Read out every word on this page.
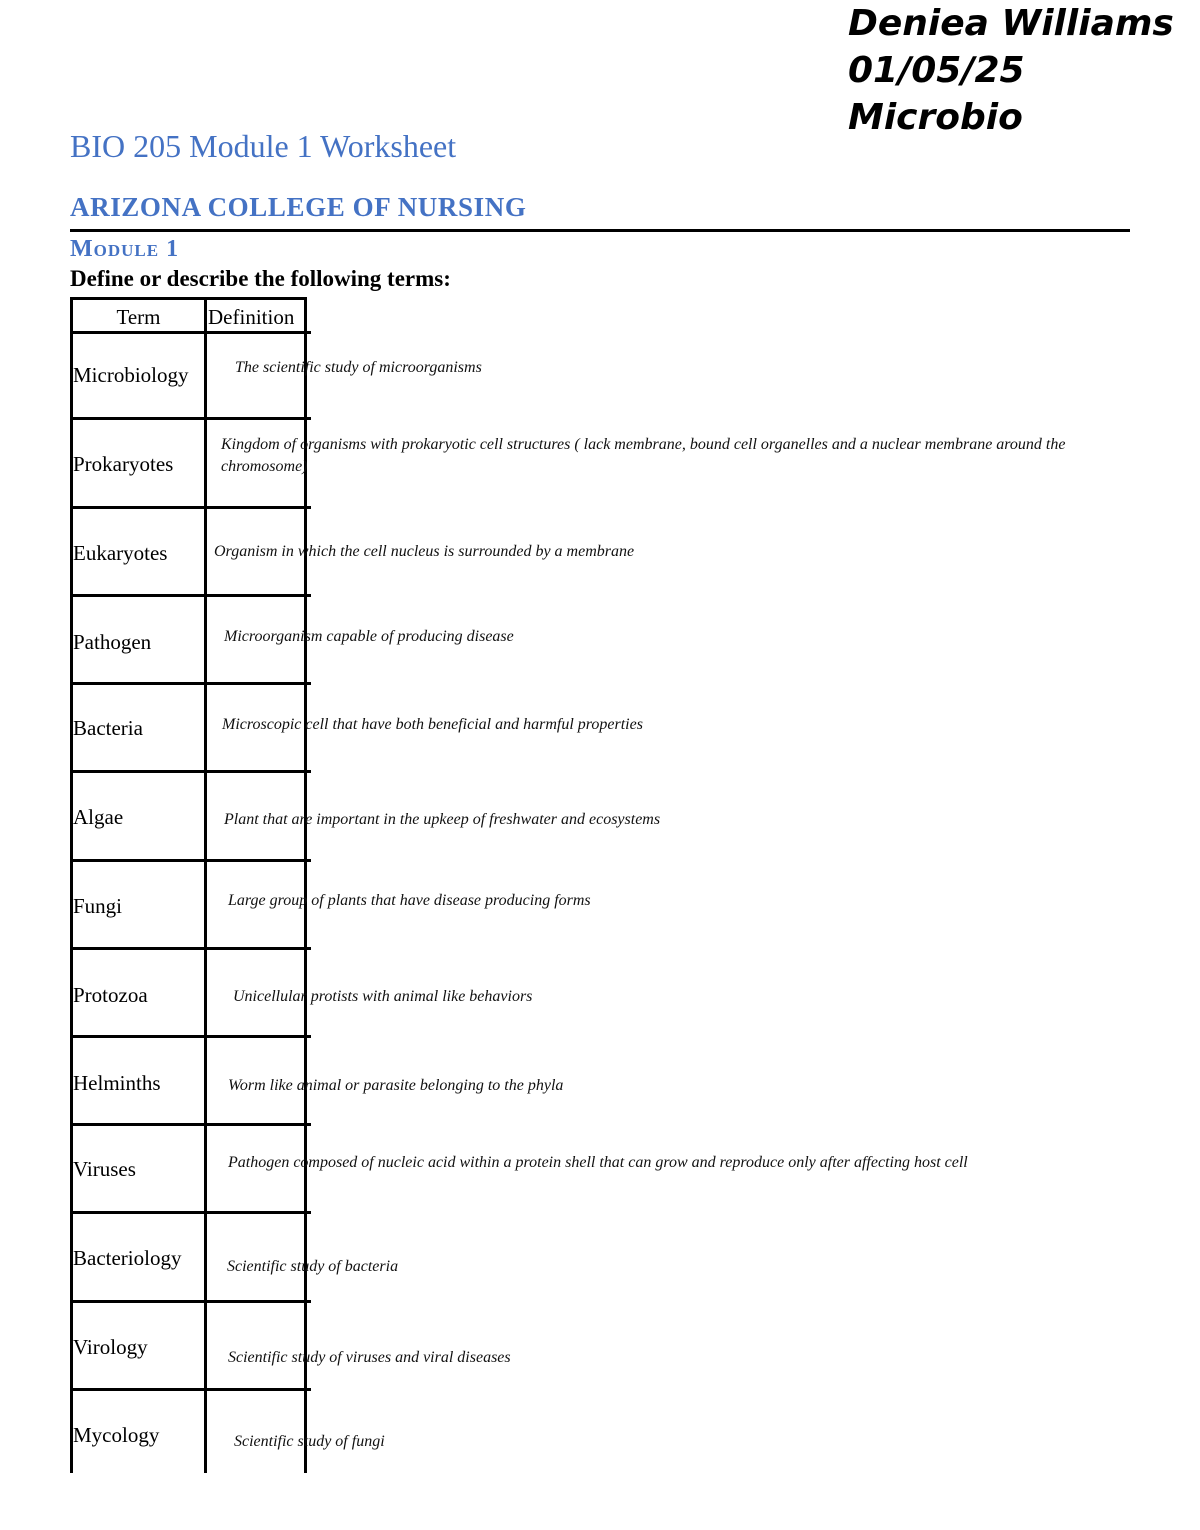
Deniea Williams
01/05/25
Microbio
BIO 205 Module 1 Worksheet
ARIZONA COLLEGE OF NURSING
Module 1
Define or describe the following terms:
Term	Definition
Microbiology
Prokaryotes
Eukaryotes
Pathogen
Bacteria
Algae
Fungi
Protozoa
Helminths
Viruses
Bacteriology
Virology
Mycology
The scientific study of microorganisms
Kingdom of organisms with prokaryotic cell structures ( lack membrane, bound cell organelles and a nuclear membrane around the chromosome)
Organism in which the cell nucleus is surrounded by a membrane
Microorganism capable of producing disease
Microscopic cell that have both beneficial and harmful properties
Plant that are important in the upkeep of freshwater and ecosystems
Large group of plants that have disease producing forms
Unicellular protists with animal like behaviors
Worm like animal or parasite belonging to the phyla
Pathogen composed of nucleic acid within a protein shell that can grow and reproduce only after affecting host cell
Scientific study of bacteria
Scientific study of viruses and viral diseases
Scientific study of fungi
